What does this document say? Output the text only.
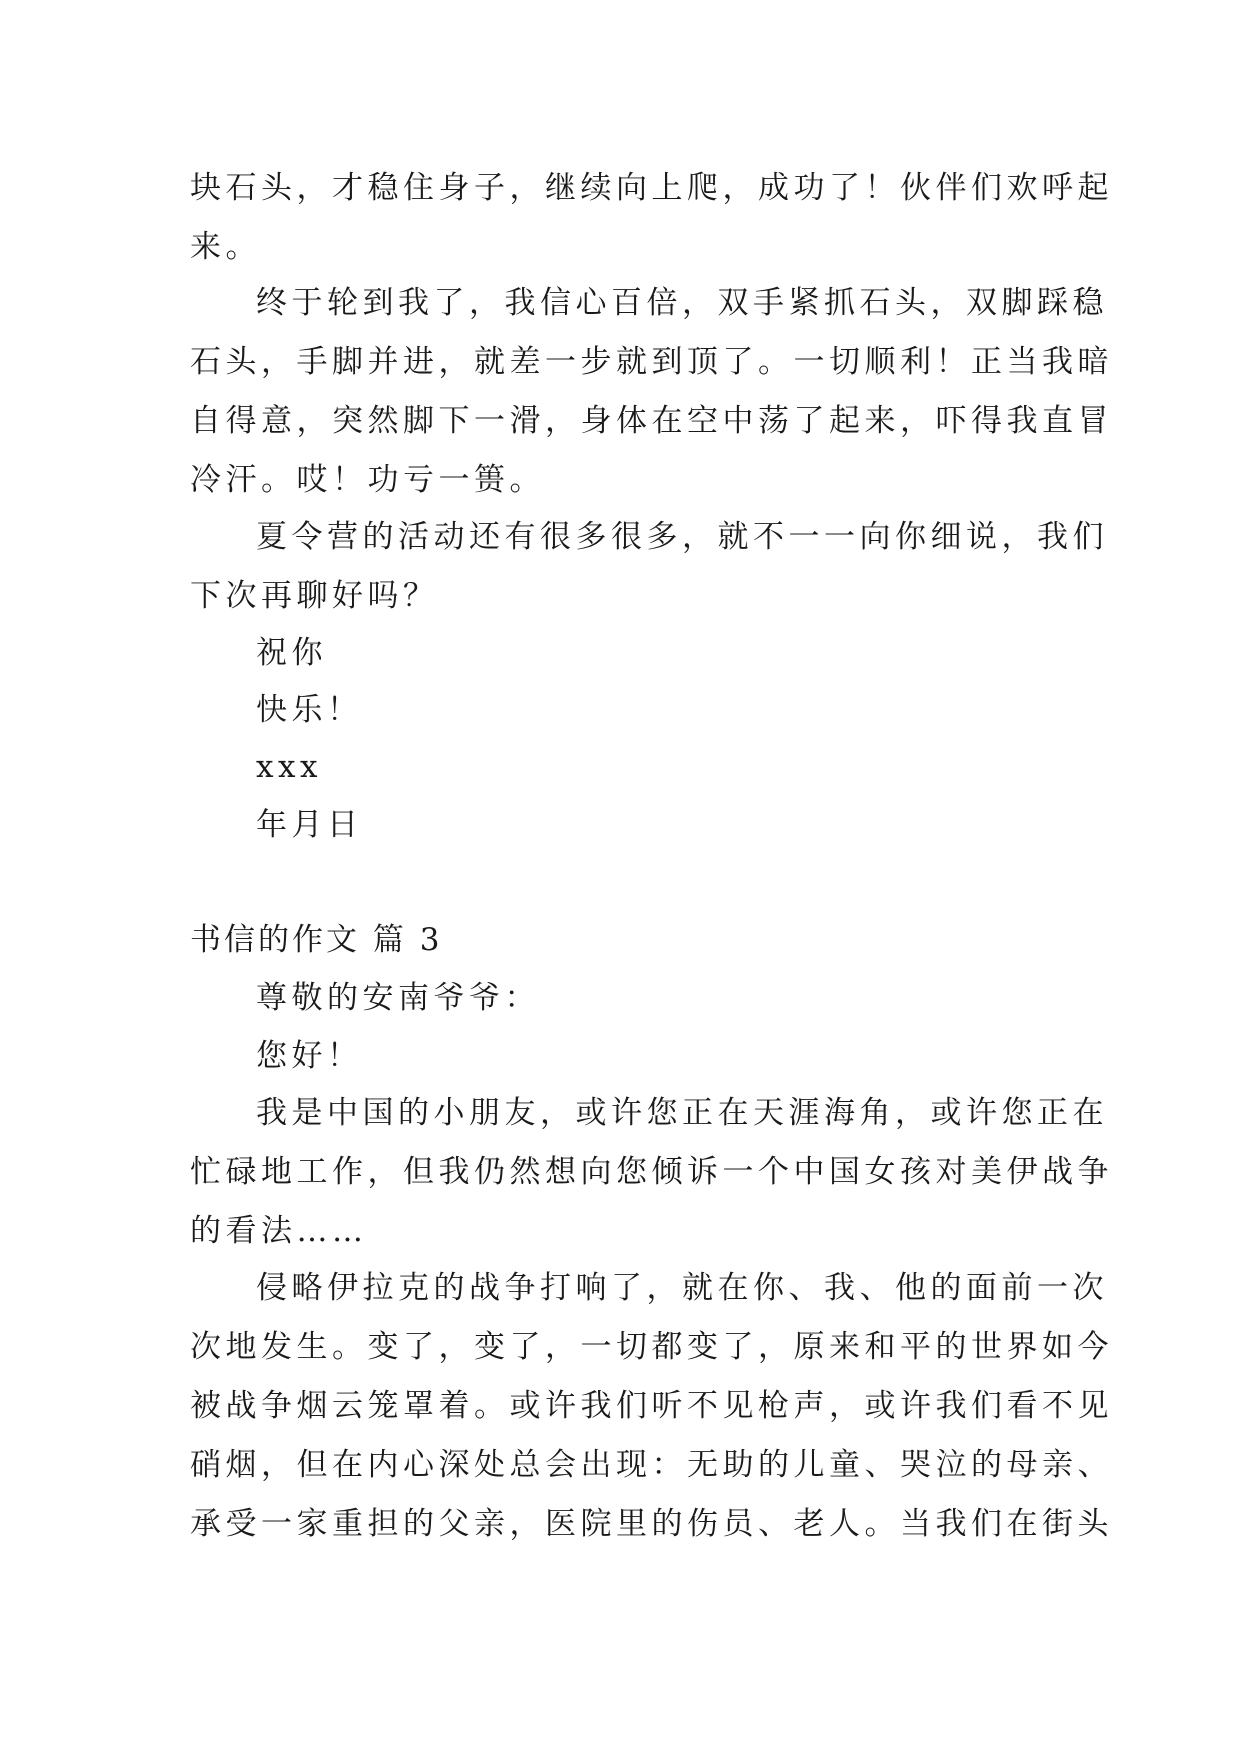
块石头，才稳住身子，继续向上爬，成功了！伙伴们欢呼起

来。

终于轮到我了，我信心百倍，双手紧抓石头，双脚踩稳

石头，手脚并进，就差一步就到顶了。一切顺利！正当我暗

自得意，突然脚下一滑，身体在空中荡了起来，吓得我直冒

冷汗。哎！功亏一篑。

夏令营的活动还有很多很多，就不一一向你细说，我们

下次再聊好吗？

祝你

快乐！

xxx

年月日

书信的作文 篇 3

尊敬的安南爷爷：

您好！

我是中国的小朋友，或许您正在天涯海角，或许您正在

忙碌地工作，但我仍然想向您倾诉一个中国女孩对美伊战争

的看法……

侵略伊拉克的战争打响了，就在你、我、他的面前一次

次地发生。变了，变了，一切都变了，原来和平的世界如今

被战争烟云笼罩着。或许我们听不见枪声，或许我们看不见

硝烟，但在内心深处总会出现：无助的儿童、哭泣的母亲、

承受一家重担的父亲，医院里的伤员、老人。当我们在街头
